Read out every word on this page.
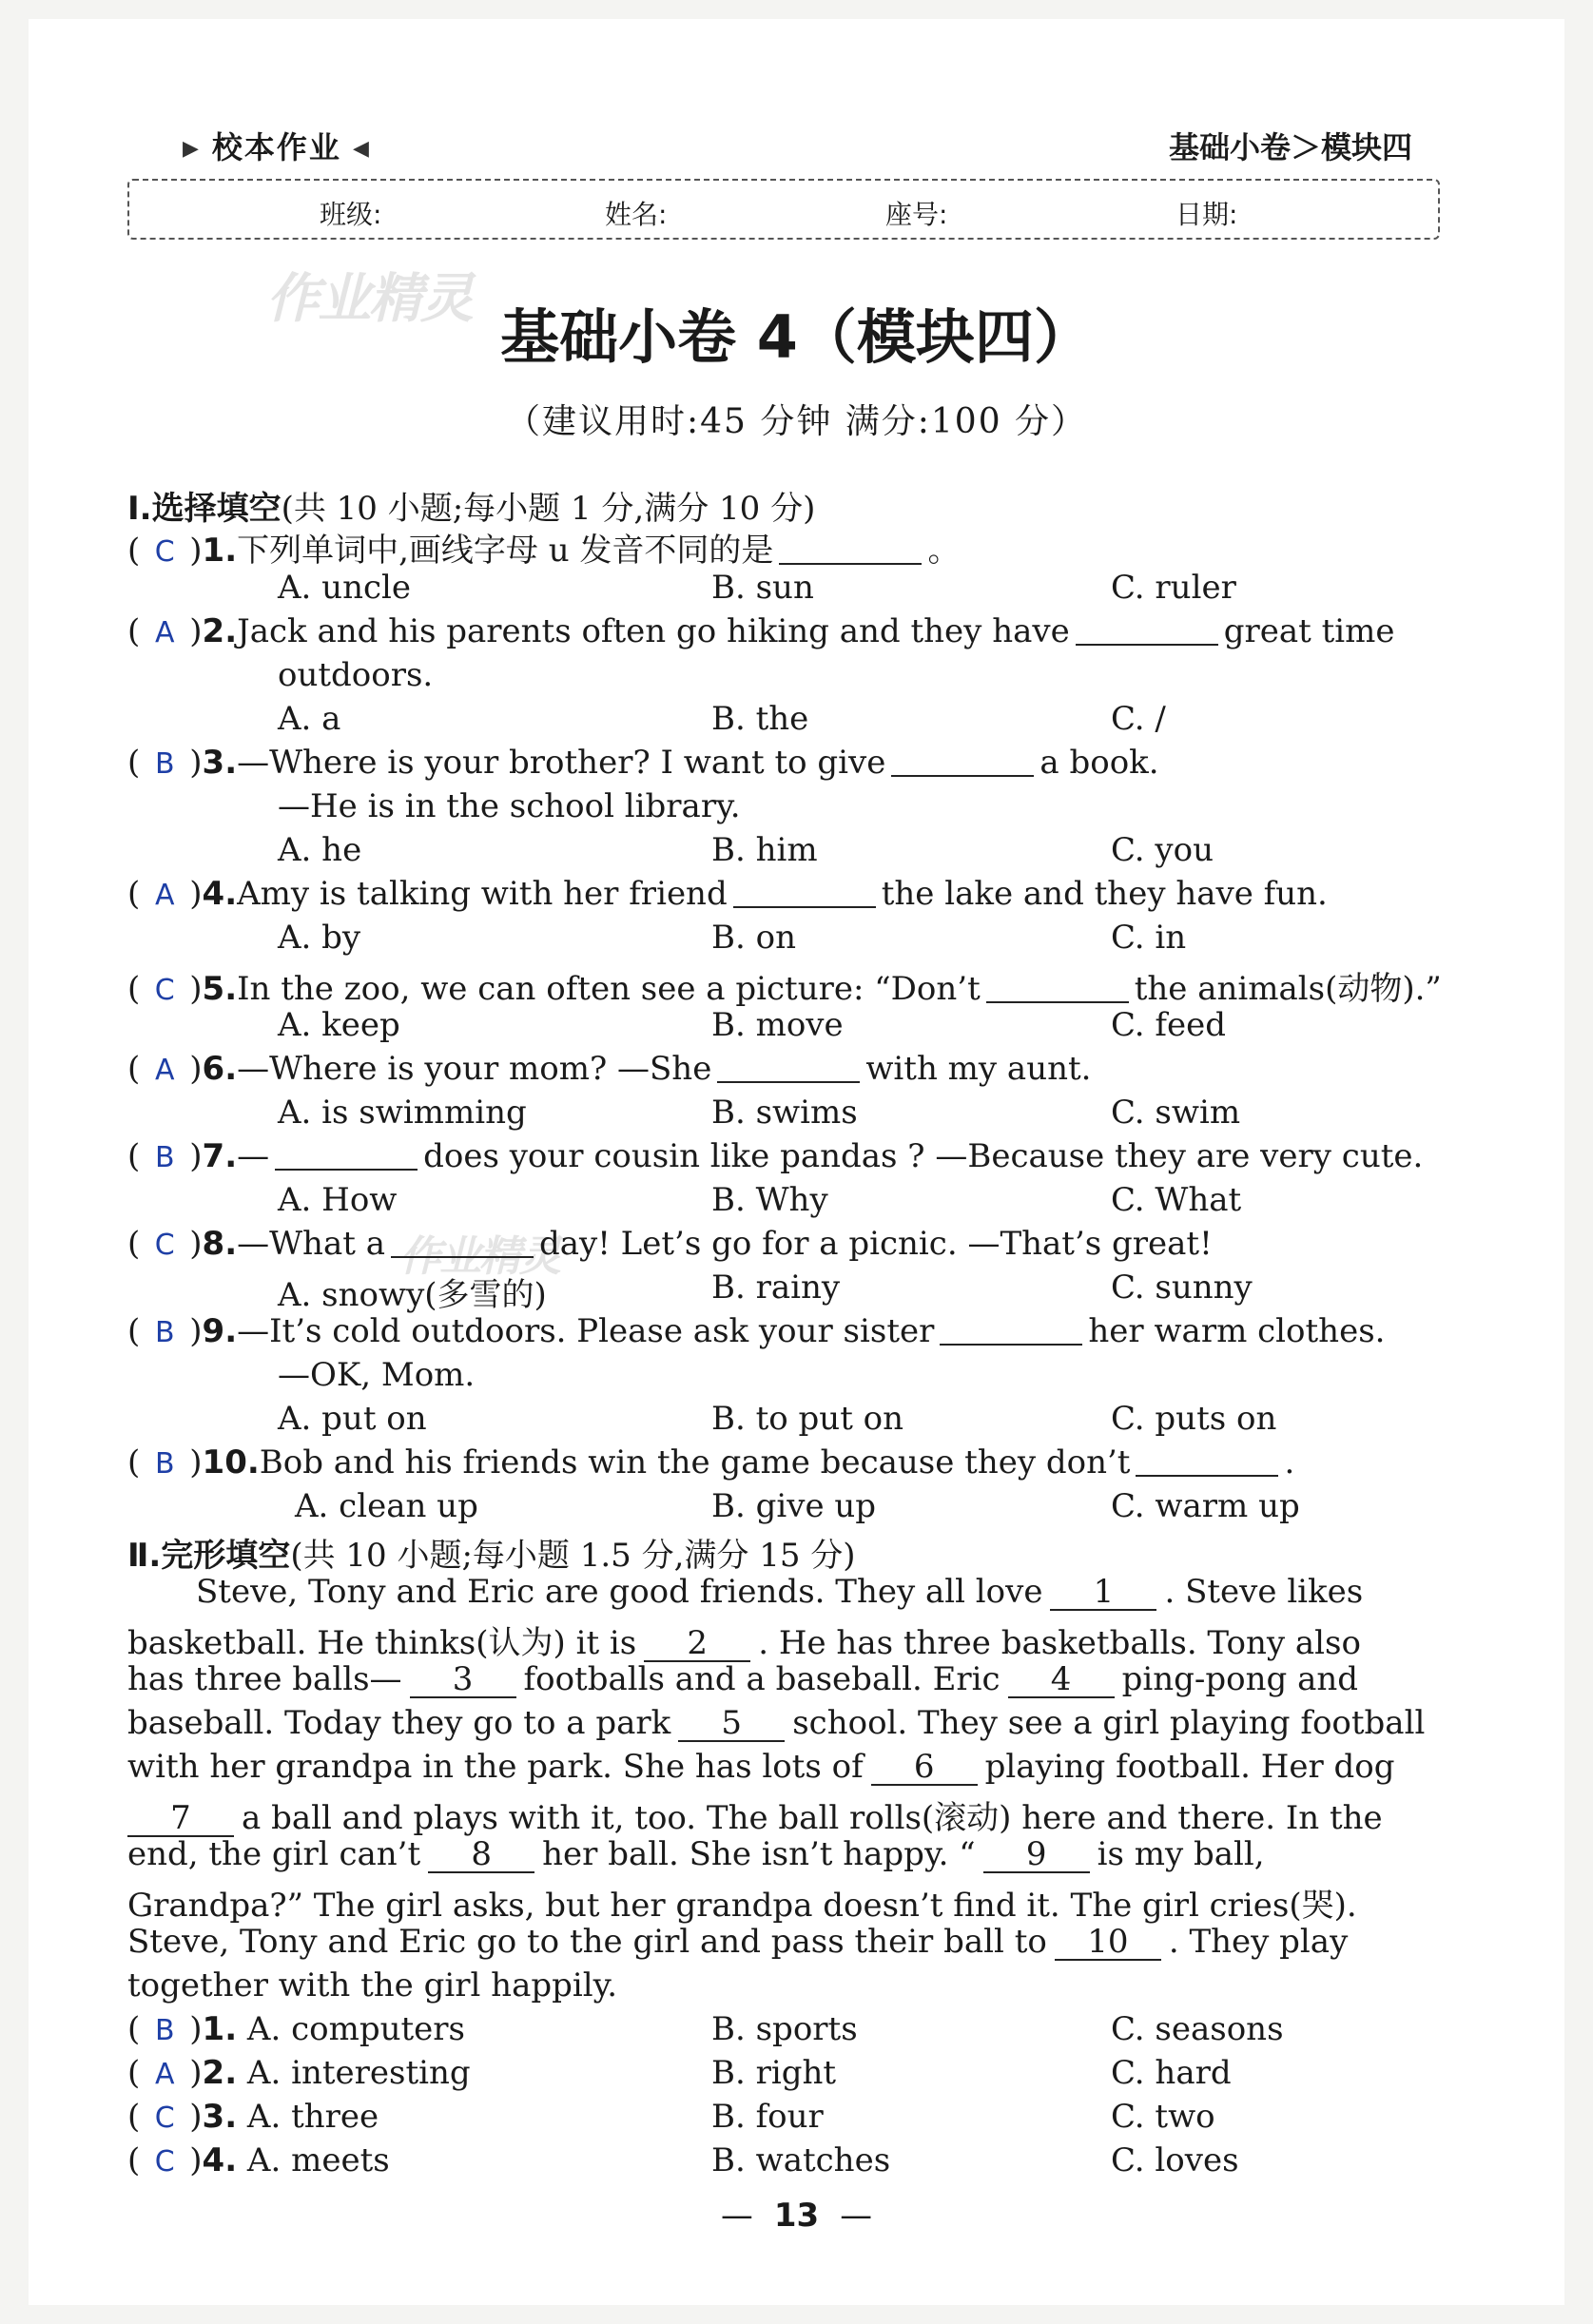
▶ 校本作业 ◀	基础小卷＞模块四
班级:	姓名:	座号:	日期:
作业精灵
作业精灵
基础小卷 4（模块四）
（建议用时:45 分钟 满分:100 分）
Ⅰ.选择填空(共 10 小题;每小题 1 分,满分 10 分)
( C )1.下列单词中,画线字母 u 发音不同的是	。
A. uncle	B. sun	C. ruler
( A )2.Jack and his parents often go hiking and they have	great time
outdoors.
A. a	B. the	C. /
( B )3.—Where is your brother? I want to give	a book.
—He is in the school library.
A. he	B. him	C. you
( A )4.Amy is talking with her friend	the lake and they have fun.
A. by	B. on	C. in
( C )5.In the zoo, we can often see a picture: “Don’t	the animals(动物).”
A. keep	B. move	C. feed
( A )6.—Where is your mom? —She	with my aunt.
A. is swimming	B. swims	C. swim
( B )7.—	does your cousin like pandas ? —Because they are very cute.
A. How	B. Why	C. What
( C )8.—What a	day! Let’s go for a picnic. —That’s great!
A. snowy(多雪的)	B. rainy	C. sunny
( B )9.—It’s cold outdoors. Please ask your sister	her warm clothes.
—OK, Mom.
A. put on	B. to put on	C. puts on
( B )10.Bob and his friends win the game because they don’t	.
A. clean up	B. give up	C. warm up
Ⅱ.完形填空(共 10 小题;每小题 1.5 分,满分 15 分)
Steve, Tony and Eric are good friends. They all love 1 . Steve likes
basketball. He thinks(认为) it is 2 . He has three basketballs. Tony also
has three balls— 3 footballs and a baseball. Eric 4 ping-pong and
baseball. Today they go to a park 5 school. They see a girl playing football
with her grandpa in the park. She has lots of 6 playing football. Her dog
7 a ball and plays with it, too. The ball rolls(滚动) here and there. In the
end, the girl can’t 8 her ball. She isn’t happy. “ 9 is my ball,
Grandpa?” The girl asks, but her grandpa doesn’t find it. The girl cries(哭).
Steve, Tony and Eric go to the girl and pass their ball to 10 . They play
together with the girl happily.
( B )1. A. computers	B. sports	C. seasons
( A )2. A. interesting	B. right	C. hard
( C )3. A. three	B. four	C. two
( C )4. A. meets	B. watches	C. loves
— 13 —
